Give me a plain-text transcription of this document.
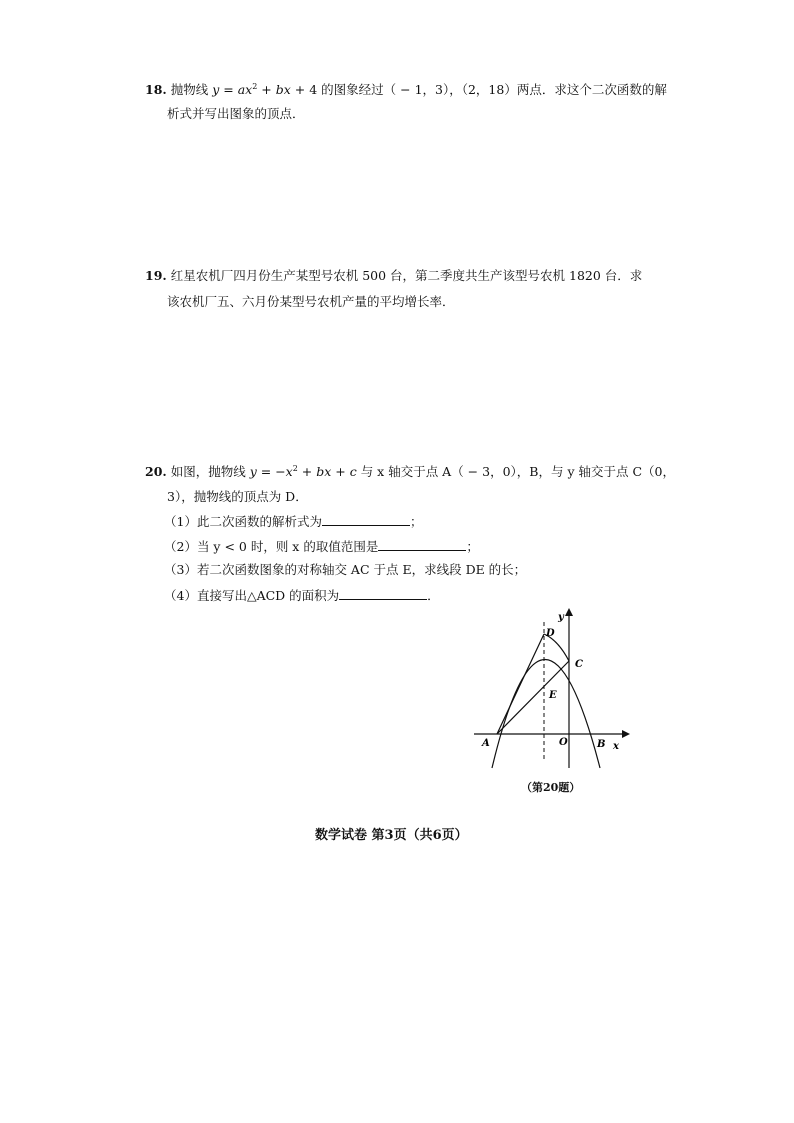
18. 抛物线 $y = ax^2$ + bx + 4 的图象经过（ − 1，3），（2，18）两点．求这个二次函数的解
析式并写出图象的顶点．
19. 红星农机厂四月份生产某型号农机 500 台，第二季度共生产该型号农机 1820 台．求
该农机厂五、六月份某型号农机产量的平均增长率．
20. 如图，抛物线 $y = -x^2$ + bx + c 与 x 轴交于点 A（ − 3，0），B，与 y 轴交于点 C（0，
3），抛物线的顶点为 D．
（1）此二次函数的解析式为	；
（2）当 y < 0 时，则 x 的取值范围是	；
（3）若二次函数图象的对称轴交 AC 于点 E，求线段 DE 的长；
（4）直接写出△ACD 的面积为	．
A	B
C
D
E
O	x
y
（第20题）
数学试卷 第3页（共6页）
